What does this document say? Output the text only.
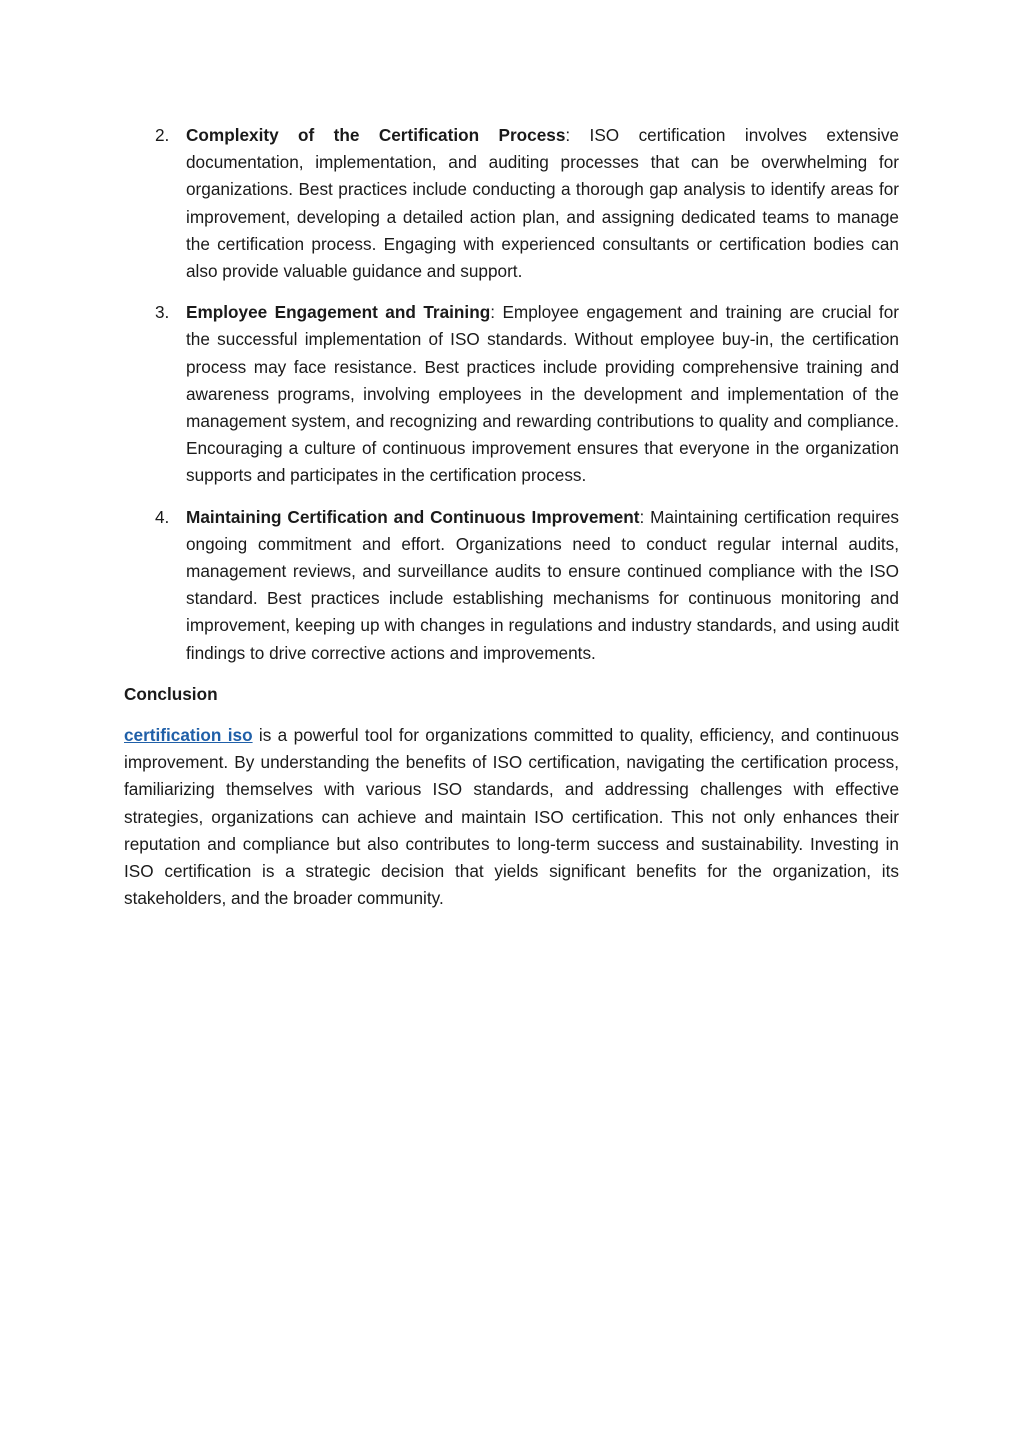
2. Complexity of the Certification Process: ISO certification involves extensive documentation, implementation, and auditing processes that can be overwhelming for organizations. Best practices include conducting a thorough gap analysis to identify areas for improvement, developing a detailed action plan, and assigning dedicated teams to manage the certification process. Engaging with experienced consultants or certification bodies can also provide valuable guidance and support.
3. Employee Engagement and Training: Employee engagement and training are crucial for the successful implementation of ISO standards. Without employee buy-in, the certification process may face resistance. Best practices include providing comprehensive training and awareness programs, involving employees in the development and implementation of the management system, and recognizing and rewarding contributions to quality and compliance. Encouraging a culture of continuous improvement ensures that everyone in the organization supports and participates in the certification process.
4. Maintaining Certification and Continuous Improvement: Maintaining certification requires ongoing commitment and effort. Organizations need to conduct regular internal audits, management reviews, and surveillance audits to ensure continued compliance with the ISO standard. Best practices include establishing mechanisms for continuous monitoring and improvement, keeping up with changes in regulations and industry standards, and using audit findings to drive corrective actions and improvements.

Conclusion

certification iso is a powerful tool for organizations committed to quality, efficiency, and continuous improvement. By understanding the benefits of ISO certification, navigating the certification process, familiarizing themselves with various ISO standards, and addressing challenges with effective strategies, organizations can achieve and maintain ISO certification. This not only enhances their reputation and compliance but also contributes to long-term success and sustainability. Investing in ISO certification is a strategic decision that yields significant benefits for the organization, its stakeholders, and the broader community.
